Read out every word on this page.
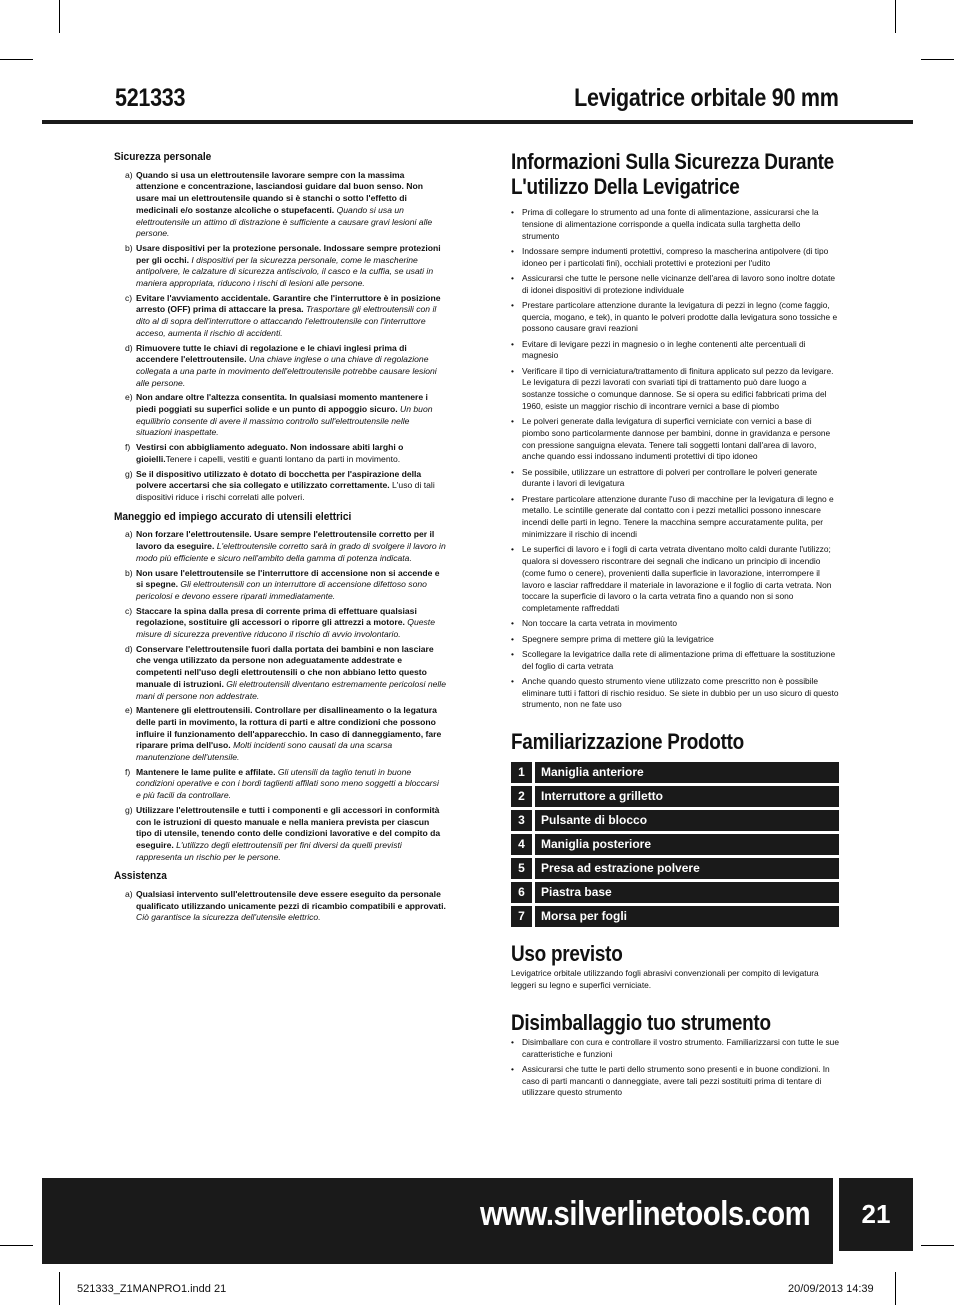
521333	Levigatrice orbitale 90 mm
Sicurezza personale
a) Quando si usa un elettroutensile lavorare sempre con la massima attenzione e concentrazione, lasciandosi guidare dal buon senso. Non usare mai un elettroutensile quando si è stanchi o sotto l'effetto di medicinali e/o sostanze alcoliche o stupefacenti. Quando si usa un elettroutensile un attimo di distrazione è sufficiente a causare gravi lesioni alle persone.
b) Usare dispositivi per la protezione personale. Indossare sempre protezioni per gli occhi. I dispositivi per la sicurezza personale, come le mascherine antipolvere, le calzature di sicurezza antiscivolo, il casco e la cuffia, se usati in maniera appropriata, riducono i rischi di lesioni alle persone.
c) Evitare l'avviamento accidentale. Garantire che l'interruttore è in posizione arresto (OFF) prima di attaccare la presa. Trasportare gli elettroutensili con il dito al di sopra dell'interruttore o attaccando l'elettroutensile con l'interruttore acceso, aumenta il rischio di accidenti.
d) Rimuovere tutte le chiavi di regolazione e le chiavi inglesi prima di accendere l'elettroutensile. Una chiave inglese o una chiave di regolazione collegata a una parte in movimento dell'elettroutensile potrebbe causare lesioni alle persone.
e) Non andare oltre l'altezza consentita. In qualsiasi momento mantenere i piedi poggiati su superfici solide e un punto di appoggio sicuro. Un buon equilibrio consente di avere il massimo controllo sull'elettroutensile nelle situazioni inaspettate.
f) Vestirsi con abbigliamento adeguato. Non indossare abiti larghi o gioielli.Tenere i capelli, vestiti e guanti lontano da parti in movimento.
g) Se il dispositivo utilizzato è dotato di bocchetta per l'aspirazione della polvere accertarsi che sia collegato e utilizzato correttamente. L'uso di tali dispositivi riduce i rischi correlati alle polveri.
Maneggio ed impiego accurato di utensili elettrici
a) Non forzare l'elettroutensile. Usare sempre l'elettroutensile corretto per il lavoro da eseguire. L'elettroutensile corretto sarà in grado di svolgere il lavoro in modo più efficiente e sicuro nell'ambito della gamma di potenza indicata.
b) Non usare l'elettroutensile se l'interruttore di accensione non si accende e si spegne. Gli elettroutensili con un interruttore di accensione difettoso sono pericolosi e devono essere riparati immediatamente.
c) Staccare la spina dalla presa di corrente prima di effettuare qualsiasi regolazione, sostituire gli accessori o riporre gli attrezzi a motore. Queste misure di sicurezza preventive riducono il rischio di avvio involontario.
d) Conservare l'elettroutensile fuori dalla portata dei bambini e non lasciare che venga utilizzato da persone non adeguatamente addestrate e competenti nell'uso degli elettroutensili o che non abbiano letto questo manuale di istruzioni. Gli elettroutensili diventano estremamente pericolosi nelle mani di persone non addestrate.
e) Mantenere gli elettroutensili. Controllare per disallineamento o la legatura delle parti in movimento, la rottura di parti e altre condizioni che possono influire il funzionamento dell'apparecchio. In caso di danneggiamento, fare riparare prima dell'uso. Molti incidenti sono causati da una scarsa manutenzione dell'utensile.
f) Mantenere le lame pulite e affilate. Gli utensili da taglio tenuti in buone condizioni operative e con i bordi taglienti affilati sono meno soggetti a bloccarsi e più facili da controllare.
g) Utilizzare l'elettroutensile e tutti i componenti e gli accessori in conformità con le istruzioni di questo manuale e nella maniera prevista per ciascun tipo di utensile, tenendo conto delle condizioni lavorative e del compito da eseguire. L'utilizzo degli elettroutensili per fini diversi da quelli previsti rappresenta un rischio per le persone.
Assistenza
a) Qualsiasi intervento sull'elettroutensile deve essere eseguito da personale qualificato utilizzando unicamente pezzi di ricambio compatibili e approvati. Ciò garantisce la sicurezza dell'utensile elettrico.
Informazioni Sulla Sicurezza Durante L'utilizzo Della Levigatrice
• Prima di collegare lo strumento ad una fonte di alimentazione, assicurarsi che la tensione di alimentazione corrisponde a quella indicata sulla targhetta dello strumento
• Indossare sempre indumenti protettivi, compreso la mascherina antipolvere (di tipo idoneo per i particolati fini), occhiali protettivi e protezioni per l'udito
• Assicurarsi che tutte le persone nelle vicinanze dell'area di lavoro sono inoltre dotate di idonei dispositivi di protezione individuale
• Prestare particolare attenzione durante la levigatura di pezzi in legno (come faggio, quercia, mogano, e tek), in quanto le polveri prodotte dalla levigatura sono tossiche e possono causare gravi reazioni
• Evitare di levigare pezzi in magnesio o in leghe contenenti alte percentuali di magnesio
• Verificare il tipo di verniciatura/trattamento di finitura applicato sul pezzo da levigare. Le levigatura di pezzi lavorati con svariati tipi di trattamento può dare luogo a sostanze tossiche o comunque dannose. Se si opera su edifici fabbricati prima del 1960, esiste un maggior rischio di incontrare vernici a base di piombo
• Le polveri generate dalla levigatura di superfici verniciate con vernici a base di piombo sono particolarmente dannose per bambini, donne in gravidanza e persone con pressione sanguigna elevata. Tenere tali soggetti lontani dall'area di lavoro, anche quando essi indossano indumenti protettivi di tipo idoneo
• Se possibile, utilizzare un estrattore di polveri per controllare le polveri generate durante i lavori di levigatura
• Prestare particolare attenzione durante l'uso di macchine per la levigatura di legno e metallo. Le scintille generate dal contatto con i pezzi metallici possono innescare incendi delle parti in legno. Tenere la macchina sempre accuratamente pulita, per minimizzare il rischio di incendi
• Le superfici di lavoro e i fogli di carta vetrata diventano molto caldi durante l'utilizzo; qualora si dovessero riscontrare dei segnali che indicano un principio di incendio (come fumo o cenere), provenienti dalla superficie in lavorazione, interrompere il lavoro e lasciar raffreddare il materiale in lavorazione e il foglio di carta vetrata. Non toccare la superficie di lavoro o la carta vetrata fino a quando non si sono completamente raffreddati
• Non toccare la carta vetrata in movimento
• Spegnere sempre prima di mettere giù la levigatrice
• Scollegare la levigatrice dalla rete di alimentazione prima di effettuare la sostituzione del foglio di carta vetrata
• Anche quando questo strumento viene utilizzato come prescritto non è possibile eliminare tutti i fattori di rischio residuo. Se siete in dubbio per un uso sicuro di questo strumento, non ne fate uso
Familiarizzazione Prodotto
1	Maniglia anteriore
2	Interruttore a grilletto
3	Pulsante di blocco
4	Maniglia posteriore
5	Presa ad estrazione polvere
6	Piastra base
7	Morsa per fogli
Uso previsto
Levigatrice orbitale utilizzando fogli abrasivi convenzionali per compito di levigatura leggeri su legno e superfici verniciate.
Disimballaggio tuo strumento
• Disimballare con cura e controllare il vostro strumento. Familiarizzarsi con tutte le sue caratteristiche e funzioni
• Assicurarsi che tutte le parti dello strumento sono presenti e in buone condizioni. In caso di parti mancanti o danneggiate, avere tali pezzi sostituiti prima di tentare di utilizzare questo strumento
www.silverlinetools.com	21
521333_Z1MANPRO1.indd 21	20/09/2013 14:39
